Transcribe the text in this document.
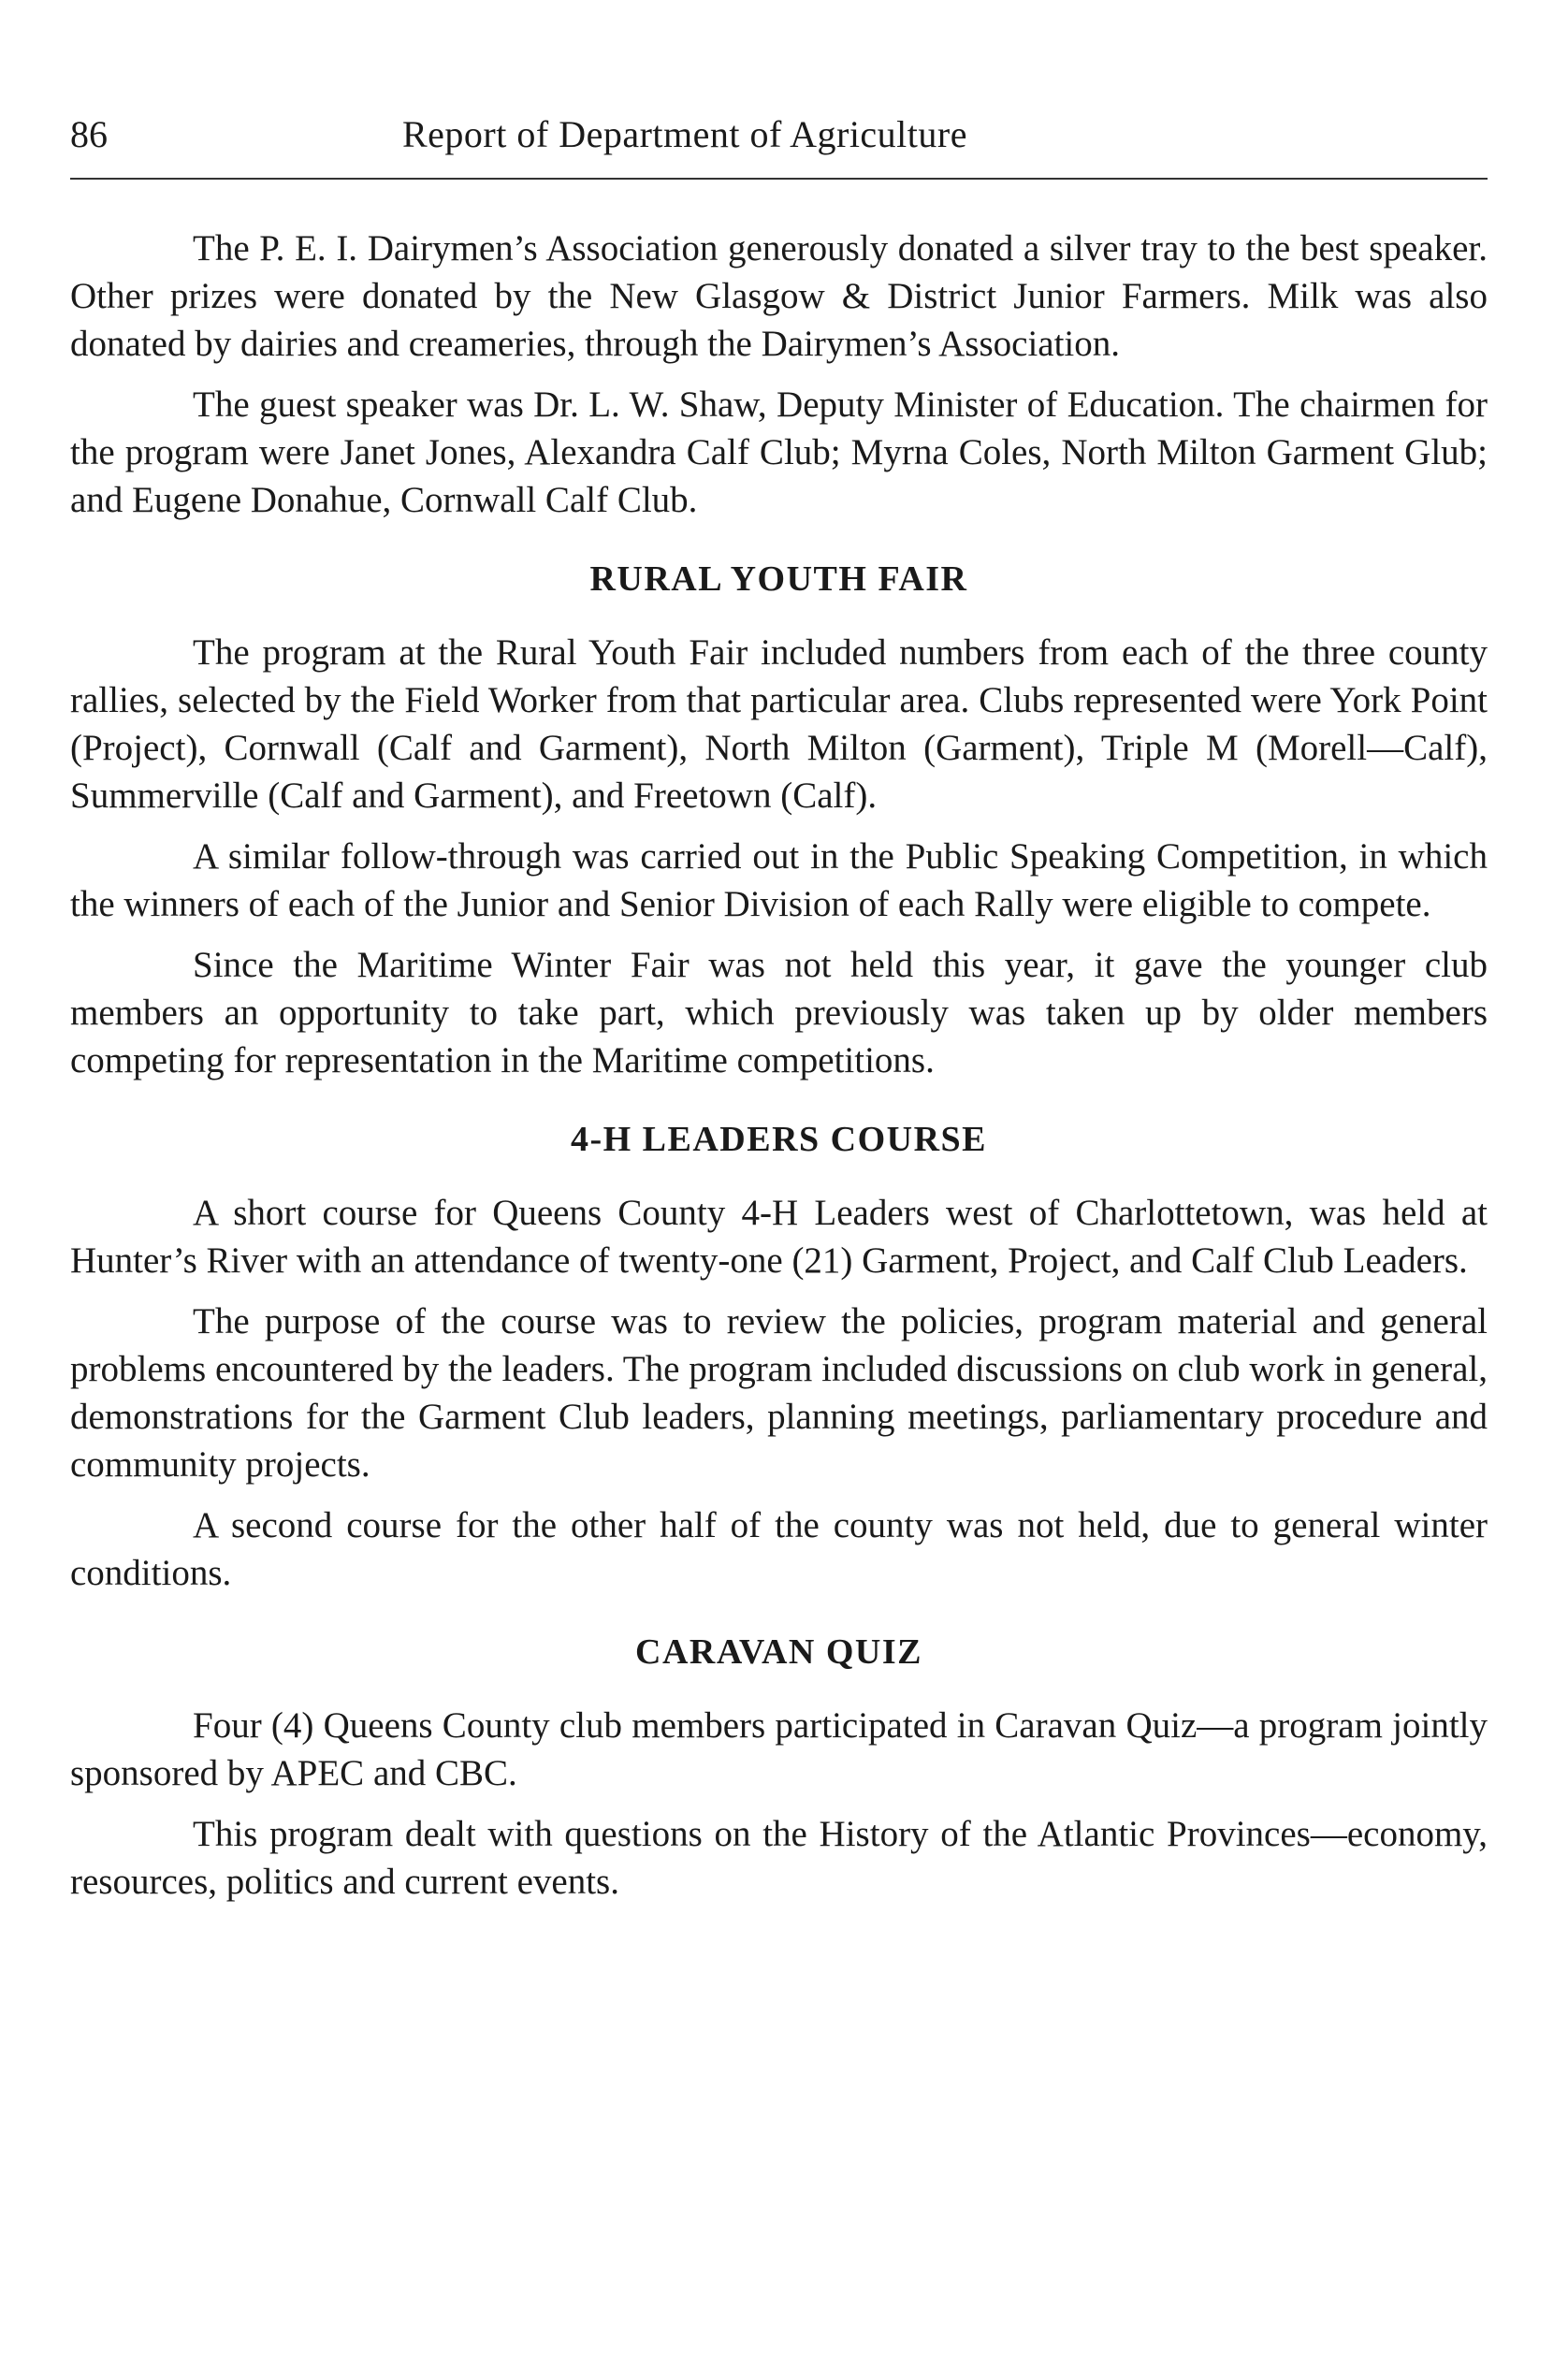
86	Report of Department of Agriculture

The P. E. I. Dairymen’s Association generously donated a silver tray to the best speaker. Other prizes were donated by the New Glasgow & District Junior Farmers. Milk was also donated by dairies and creameries, through the Dairymen’s Association.

The guest speaker was Dr. L. W. Shaw, Deputy Minister of Education. The chairmen for the program were Janet Jones, Alexandra Calf Club; Myrna Coles, North Milton Garment Glub; and Eugene Donahue, Cornwall Calf Club.

RURAL YOUTH FAIR

The program at the Rural Youth Fair included numbers from each of the three county rallies, selected by the Field Worker from that particular area. Clubs represented were York Point (Project), Cornwall (Calf and Garment), North Milton (Garment), Triple M (Morell—Calf), Summerville (Calf and Garment), and Freetown (Calf).

A similar follow-through was carried out in the Public Speaking Competition, in which the winners of each of the Junior and Senior Division of each Rally were eligible to compete.

Since the Maritime Winter Fair was not held this year, it gave the younger club members an opportunity to take part, which previously was taken up by older members competing for representation in the Maritime competitions.

4-H LEADERS COURSE

A short course for Queens County 4-H Leaders west of Charlottetown, was held at Hunter’s River with an attendance of twenty-one (21) Garment, Project, and Calf Club Leaders.

The purpose of the course was to review the policies, program material and general problems encountered by the leaders. The program included discussions on club work in general, demonstrations for the Garment Club leaders, planning meetings, parliamentary procedure and community projects.

A second course for the other half of the county was not held, due to general winter conditions.

CARAVAN QUIZ

Four (4) Queens County club members participated in Caravan Quiz—a program jointly sponsored by APEC and CBC.

This program dealt with questions on the History of the Atlantic Provinces—economy, resources, politics and current events.
